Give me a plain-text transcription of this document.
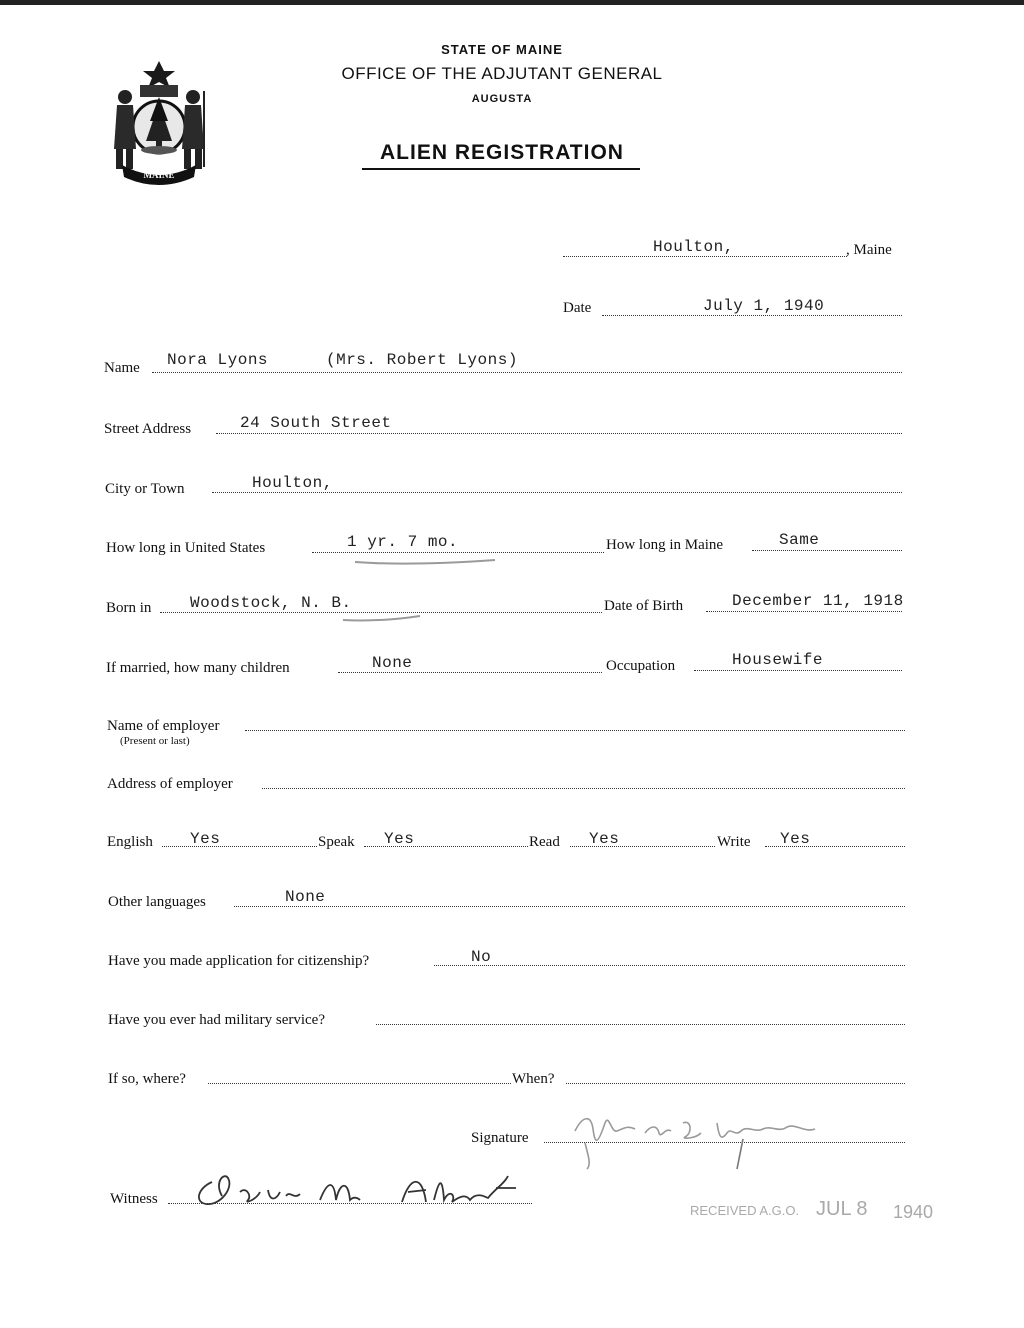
MAINE
STATE OF MAINE
OFFICE OF THE ADJUTANT GENERAL
AUGUSTA
ALIEN REGISTRATION
Houlton,	, Maine
Date	July 1, 1940
Name Nora Lyons	(Mrs. Robert Lyons)
Street Address	24 South Street
City or Town	Houlton,
How long in United States	1 yr. 7 mo.	How long in Maine	Same
Born in Woodstock, N. B.	Date of Birth	December 11, 1918
If married, how many children	None	Occupation	Housewife
Name of employer
(Present or last)
Address of employer
English Yes	Speak Yes	Read Yes	Write Yes
Other languages	None
Have you made application for citizenship?	No
Have you ever had military service?
If so, where?	When?
Signature
Witness
RECEIVED A.G.O. JUL 8 1940
